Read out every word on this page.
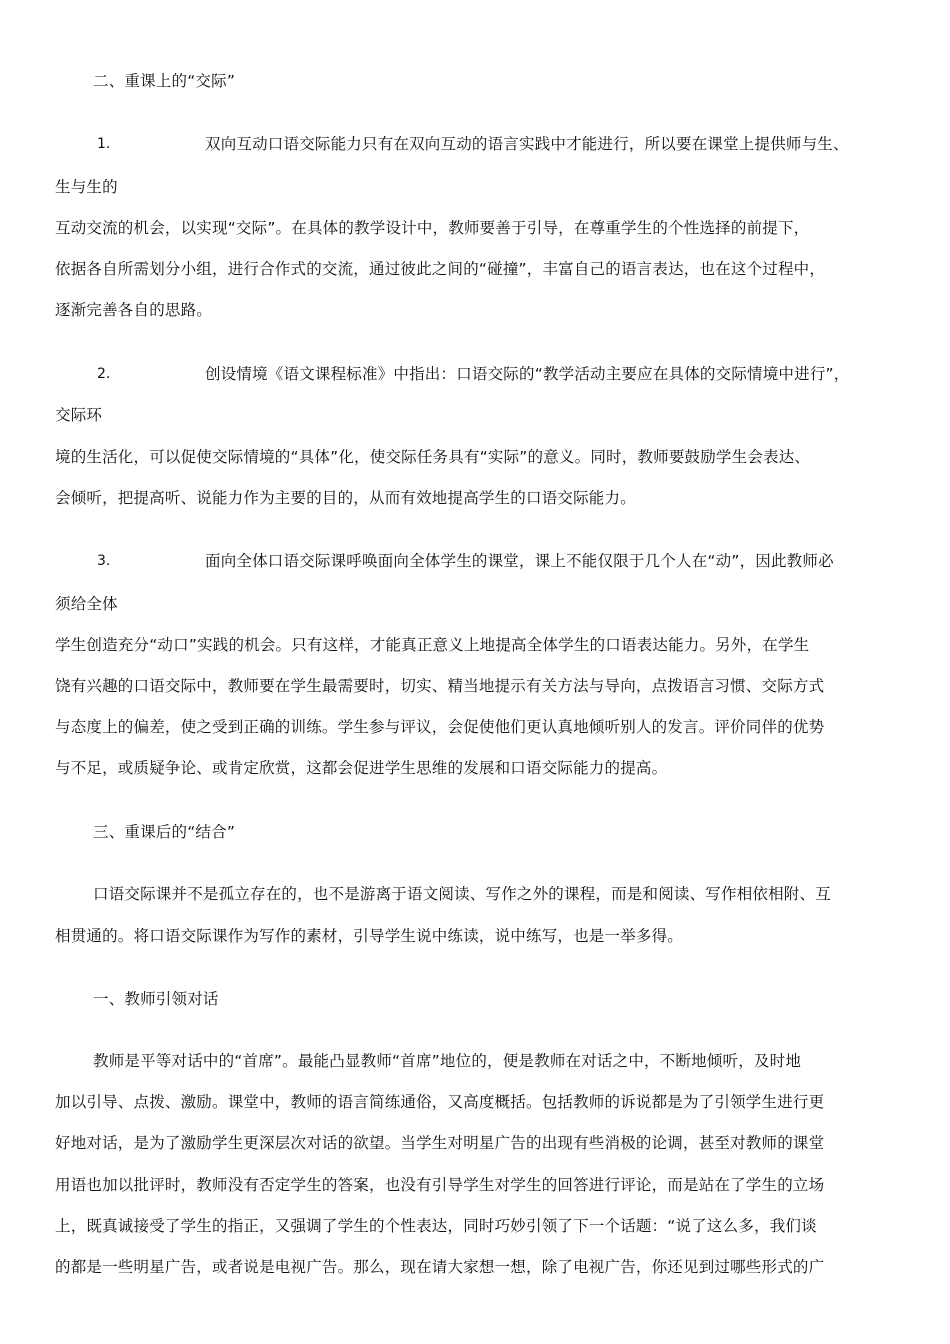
二、重课上的“交际”
1.	双向互动口语交际能力只有在双向互动的语言实践中才能进行，所以要在课堂上提供师与生、
生与生的
互动交流的机会，以实现“交际”。在具体的教学设计中，教师要善于引导，在尊重学生的个性选择的前提下，
依据各自所需划分小组，进行合作式的交流，通过彼此之间的“碰撞”，丰富自己的语言表达，也在这个过程中，
逐渐完善各自的思路。
2.	创设情境《语文课程标准》中指出：口语交际的“教学活动主要应在具体的交际情境中进行”，
交际环
境的生活化，可以促使交际情境的“具体”化，使交际任务具有“实际”的意义。同时，教师要鼓励学生会表达、
会倾听，把提高听、说能力作为主要的目的，从而有效地提高学生的口语交际能力。
3.	面向全体口语交际课呼唤面向全体学生的课堂，课上不能仅限于几个人在“动”，因此教师必
须给全体
学生创造充分“动口”实践的机会。只有这样，才能真正意义上地提高全体学生的口语表达能力。另外，在学生
饶有兴趣的口语交际中，教师要在学生最需要时，切实、精当地提示有关方法与导向，点拨语言习惯、交际方式
与态度上的偏差，使之受到正确的训练。学生参与评议，会促使他们更认真地倾听别人的发言。评价同伴的优势
与不足，或质疑争论、或肯定欣赏，这都会促进学生思维的发展和口语交际能力的提高。
三、重课后的“结合”
口语交际课并不是孤立存在的，也不是游离于语文阅读、写作之外的课程，而是和阅读、写作相依相附、互
相贯通的。将口语交际课作为写作的素材，引导学生说中练读，说中练写，也是一举多得。
一、教师引领对话
教师是平等对话中的“首席”。最能凸显教师“首席”地位的，便是教师在对话之中，不断地倾听，及时地
加以引导、点拨、激励。课堂中，教师的语言简练通俗，又高度概括。包括教师的诉说都是为了引领学生进行更
好地对话，是为了激励学生更深层次对话的欲望。当学生对明星广告的出现有些消极的论调，甚至对教师的课堂
用语也加以批评时，教师没有否定学生的答案，也没有引导学生对学生的回答进行评论，而是站在了学生的立场
上，既真诚接受了学生的指正，又强调了学生的个性表达，同时巧妙引领了下一个话题：“说了这么多，我们谈
的都是一些明星广告，或者说是电视广告。那么，现在请大家想一想，除了电视广告，你还见到过哪些形式的广
